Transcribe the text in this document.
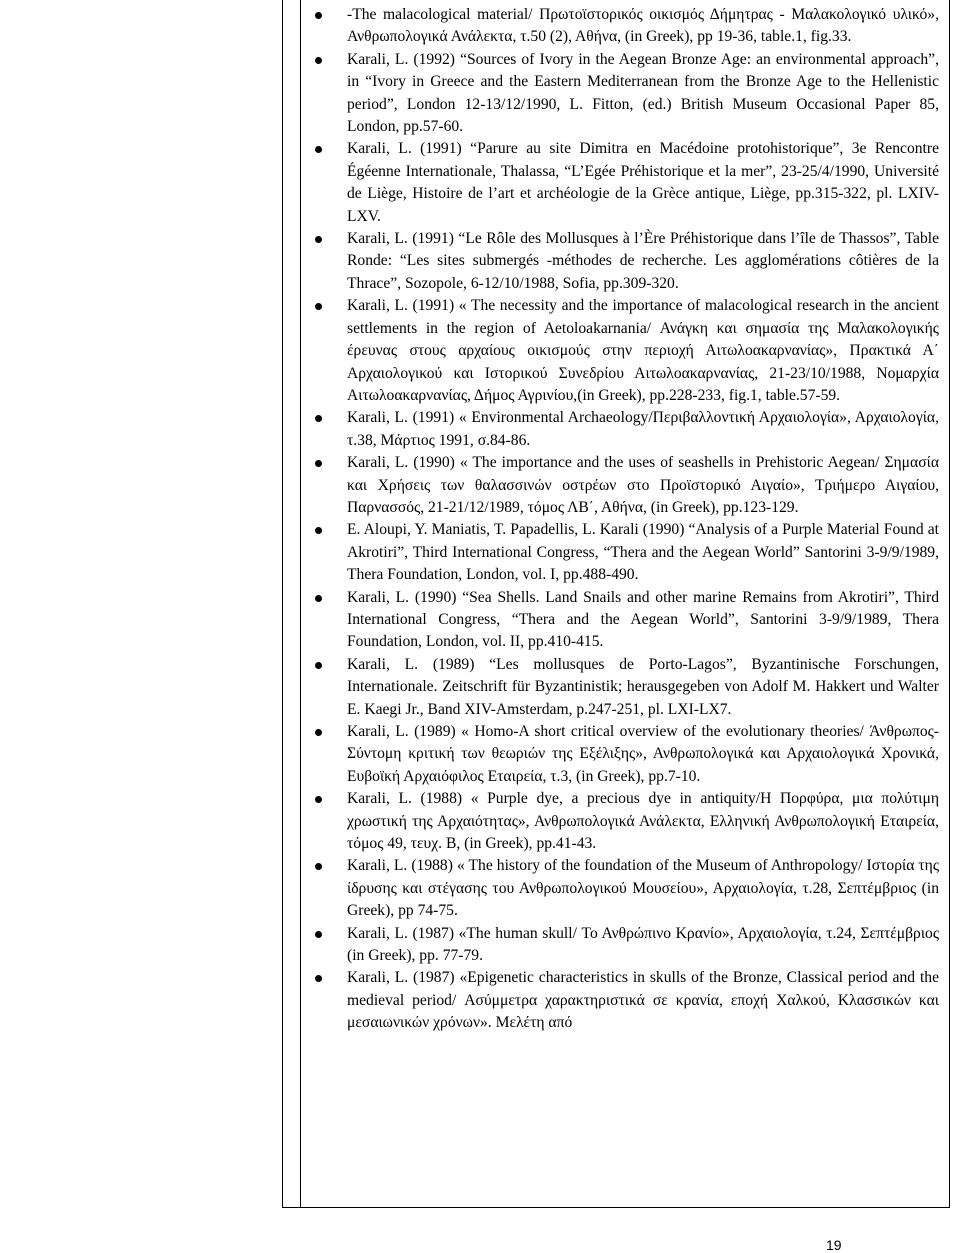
-The malacological material/ Πρωτοϊστορικός οικισμός Δήμητρας - Μαλακολογικό υλικό», Ανθρωπολογικά Ανάλεκτα, τ.50 (2), Αθήνα, (in Greek), pp 19-36, table.1, fig.33.
Karali, L. (1992) “Sources of Ivory in the Aegean Bronze Age: an environmental approach”, in “Ivory in Greece and the Eastern Mediterranean from the Bronze Age to the Hellenistic period”, London 12-13/12/1990, L. Fitton, (ed.) British Museum Occasional Paper 85, London, pp.57-60.
Karali, L. (1991) “Parure au site Dimitra en Macédoine protohistorique”, 3e Rencontre Égéenne Internationale, Thalassa, “L’Egée Préhistorique et la mer”, 23-25/4/1990, Université de Liège, Histoire de l’art et archéologie de la Grèce antique, Liège, pp.315-322, pl. LXIV-LXV.
Karali, L. (1991) “Le Rôle des Mollusques à l’Ère Préhistorique dans l’île de Thassos”, Table Ronde: “Les sites submergés -méthodes de recherche. Les agglomérations côtières de la Thrace”, Sozopole, 6-12/10/1988, Sofia, pp.309-320.
Karali, L. (1991) « The necessity and the importance of malacological research in the ancient settlements in the region of Aetoloakarnania/ Ανάγκη και σημασία της Μαλακολογικής έρευνας στους αρχαίους οικισμούς στην περιοχή Αιτωλοακαρνανίας», Πρακτικά Α΄ Αρχαιολογικού και Ιστορικού Συνεδρίου Αιτωλοακαρνανίας, 21-23/10/1988, Νομαρχία Αιτωλοακαρνανίας, Δήμος Αγρινίου,(in Greek), pp.228-233, fig.1, table.57-59.
Karali, L. (1991) « Environmental Archaeology/Περιβαλλοντική Αρχαιολογία», Αρχαιολογία, τ.38, Μάρτιος 1991, σ.84-86.
Karali, L. (1990) « The importance and the uses of seashells in Prehistoric Aegean/ Σημασία και Χρήσεις των θαλασσινών οστρέων στο Προϊστορικό Αιγαίο», Τριήμερο Αιγαίου, Παρνασσός, 21-21/12/1989, τόμος ΛΒ΄, Αθήνα, (in Greek), pp.123-129.
E. Aloupi, Y. Maniatis, T. Papadellis, L. Karali (1990) “Analysis of a Purple Material Found at Akrotiri”, Third International Congress, “Thera and the Aegean World” Santorini 3-9/9/1989, Thera Foundation, London, vol. I, pp.488-490.
Karali, L. (1990) “Sea Shells. Land Snails and other marine Remains from Akrotiri”, Third International Congress, “Thera and the Aegean World”, Santorini 3-9/9/1989, Thera Foundation, London, vol. II, pp.410-415.
Karali, L. (1989) “Les mollusques de Porto-Lagos”, Byzantinische Forschungen, Internationale. Zeitschrift für Byzantinistik; herausgegeben von Adolf M. Hakkert und Walter E. Kaegi Jr., Band XIV-Amsterdam, p.247-251, pl. LXI-LX7.
Karali, L. (1989) « Homo-A short critical overview of the evolutionary theories/ Άνθρωπος-Σύντομη κριτική των θεωριών της Εξέλιξης», Ανθρωπολογικά και Αρχαιολογικά Χρονικά, Ευβοϊκή Αρχαιόφιλος Εταιρεία, τ.3, (in Greek), pp.7-10.
Karali, L. (1988) « Purple dye, a precious dye in antiquity/Η Πορφύρα, μια πολύτιμη χρωστική της Αρχαιότητας», Ανθρωπολογικά Ανάλεκτα, Ελληνική Ανθρωπολογική Εταιρεία, τόμος 49, τευχ. B, (in Greek), pp.41-43.
Karali, L. (1988) « The history of the foundation of the Museum of Anthropology/ Ιστορία της ίδρυσης και στέγασης του Ανθρωπολογικού Μουσείου», Αρχαιολογία, τ.28, Σεπτέμβριος (in Greek), pp 74-75.
Karali, L. (1987) «The human skull/ Το Ανθρώπινο Κρανίο», Αρχαιολογία, τ.24, Σεπτέμβριος (in Greek), pp. 77-79.
Karali, L. (1987) «Epigenetic characteristics in skulls of the Bronze, Classical period and the medieval period/ Ασύμμετρα χαρακτηριστικά σε κρανία, εποχή Χαλκού, Κλασσικών και μεσαιωνικών χρόνων». Μελέτη από
19
